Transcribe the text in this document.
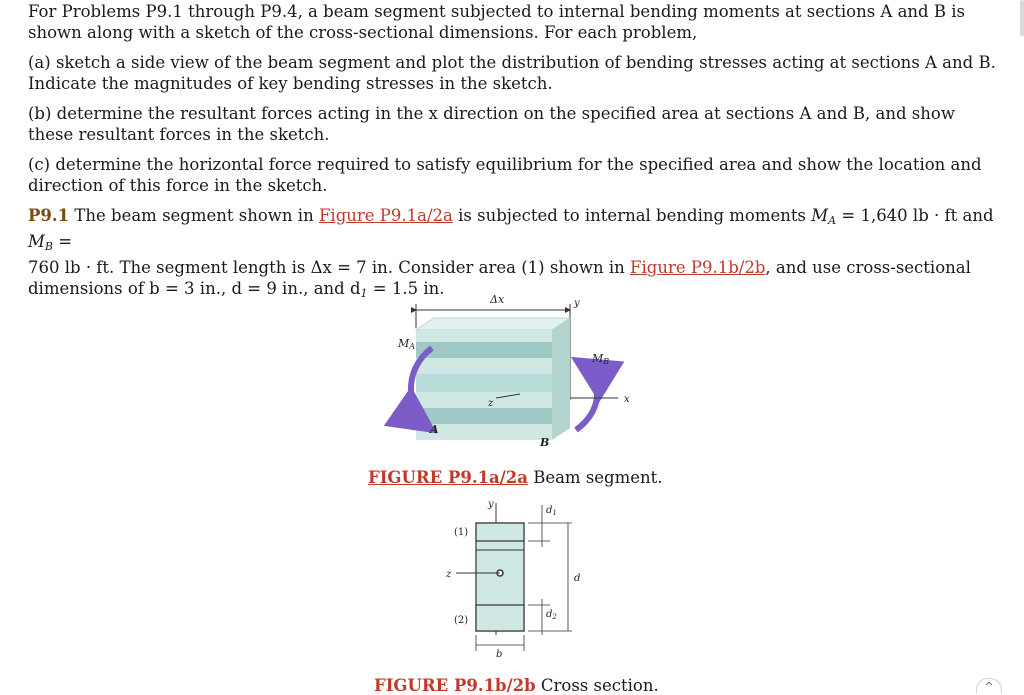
For Problems P9.1 through P9.4, a beam segment subjected to internal bending moments at sections A and B is shown along with a sketch of the cross-sectional dimensions. For each problem,

(a) sketch a side view of the beam segment and plot the distribution of bending stresses acting at sections A and B. Indicate the magnitudes of key bending stresses in the sketch.

(b) determine the resultant forces acting in the x direction on the specified area at sections A and B, and show these resultant forces in the sketch.

(c) determine the horizontal force required to satisfy equilibrium for the specified area and show the location and direction of this force in the sketch.

P9.1 The beam segment shown in Figure P9.1a/2a is subjected to internal bending moments $M_A = 1,640$ lb · ft and $M_B$ =
760 lb · ft. The segment length is Δx = 7 in. Consider area (1) shown in Figure P9.1b/2b, and use cross-sectional
dimensions of b = 3 in., d = 9 in., and $d_1 = 1.5$ in.

Δx	y
MA
MB
x
z
A
B
FIGURE P9.1a/2a Beam segment.
y
z
(1)
(2)
d
$d_1$
$d_2$
b
FIGURE P9.1b/2b Cross section.	^
